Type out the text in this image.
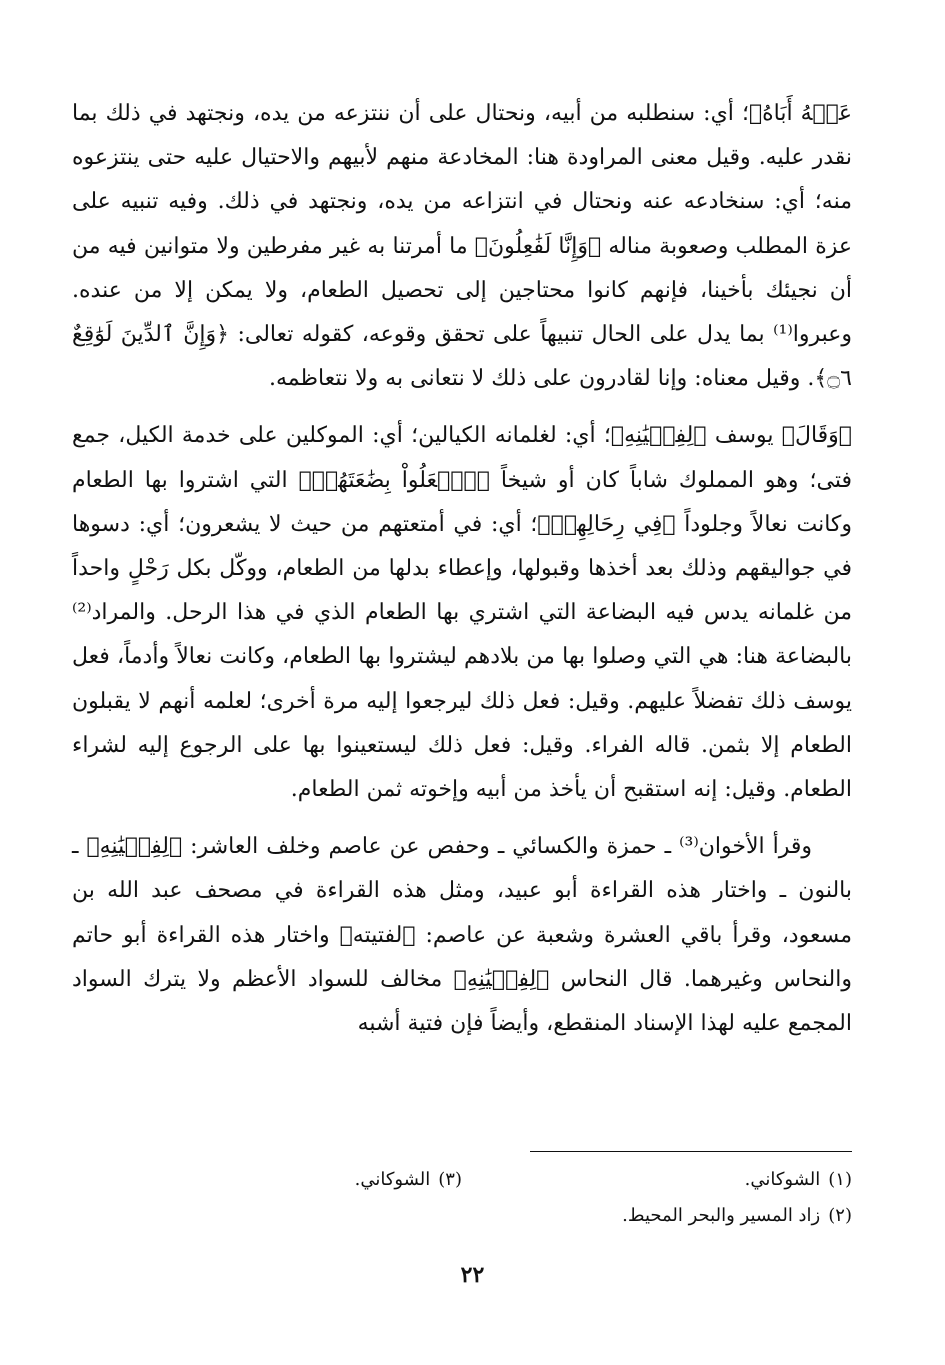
عَنۡهُ أَبَاهُ﴾؛ أي: سنطلبه من أبيه، ونحتال على أن ننتزعه من يده، ونجتهد في ذلك بما نقدر عليه. وقيل معنى المراودة هنا: المخادعة منهم لأبيهم والاحتيال عليه حتى ينتزعوه منه؛ أي: سنخادعه عنه ونحتال في انتزاعه من يده، ونجتهد في ذلك. وفيه تنبيه على عزة المطلب وصعوبة مناله ﴿وَإِنَّا لَفَٰعِلُونَ﴾ ما أمرتنا به غير مفرطين ولا متوانين فيه من أن نجيئك بأخينا، فإنهم كانوا محتاجين إلى تحصيل الطعام، ولا يمكن إلا من عنده. وعبروا⁽¹⁾ بما يدل على الحال تنبيهاً على تحقق وقوعه، كقوله تعالى: ﴿وَإِنَّ ٱلدِّينَ لَوَٰقِعٌ ۝٦﴾. وقيل معناه: وإنا لقادرون على ذلك لا نتعانى به ولا نتعاظمه.

﴿وَقَالَ﴾ يوسف ﴿لِفِتۡيَٰنِهِ﴾؛ أي: لغلمانه الكيالين؛ أي: الموكلين على خدمة الكيل، جمع فتى؛ وهو المملوك شاباً كان أو شيخاً ﴿ٱجۡعَلُواْ بِضَٰعَتَهُمۡ﴾ التي اشتروا بها الطعام وكانت نعالاً وجلوداً ﴿فِي رِحَالِهِمۡ﴾؛ أي: في أمتعتهم من حيث لا يشعرون؛ أي: دسوها في جواليقهم وذلك بعد أخذها وقبولها، وإعطاء بدلها من الطعام، ووكّل بكل رَحْلٍ واحداً من غلمانه يدس فيه البضاعة التي اشتري بها الطعام الذي في هذا الرحل. والمراد⁽²⁾ بالبضاعة هنا: هي التي وصلوا بها من بلادهم ليشتروا بها الطعام، وكانت نعالاً وأدماً، فعل يوسف ذلك تفضلاً عليهم. وقيل: فعل ذلك ليرجعوا إليه مرة أخرى؛ لعلمه أنهم لا يقبلون الطعام إلا بثمن. قاله الفراء. وقيل: فعل ذلك ليستعينوا بها على الرجوع إليه لشراء الطعام. وقيل: إنه استقبح أن يأخذ من أبيه وإخوته ثمن الطعام.

وقرأ الأخوان⁽³⁾ ـ حمزة والكسائي ـ وحفص عن عاصم وخلف العاشر: ﴿لِفِتۡيَٰنِهِ﴾ ـ بالنون ـ واختار هذه القراءة أبو عبيد، ومثل هذه القراءة في مصحف عبد الله بن مسعود، وقرأ باقي العشرة وشعبة عن عاصم: ﴿لفتيته﴾ واختار هذه القراءة أبو حاتم والنحاس وغيرهما. قال النحاس ﴿لِفِتۡيَٰنِهِ﴾ مخالف للسواد الأعظم ولا يترك السواد المجمع عليه لهذا الإسناد المنقطع، وأيضاً فإن فتية أشبه

(١)الشوكاني.
(٣)الشوكاني.
(٢)زاد المسير والبحر المحيط.
٢٢
